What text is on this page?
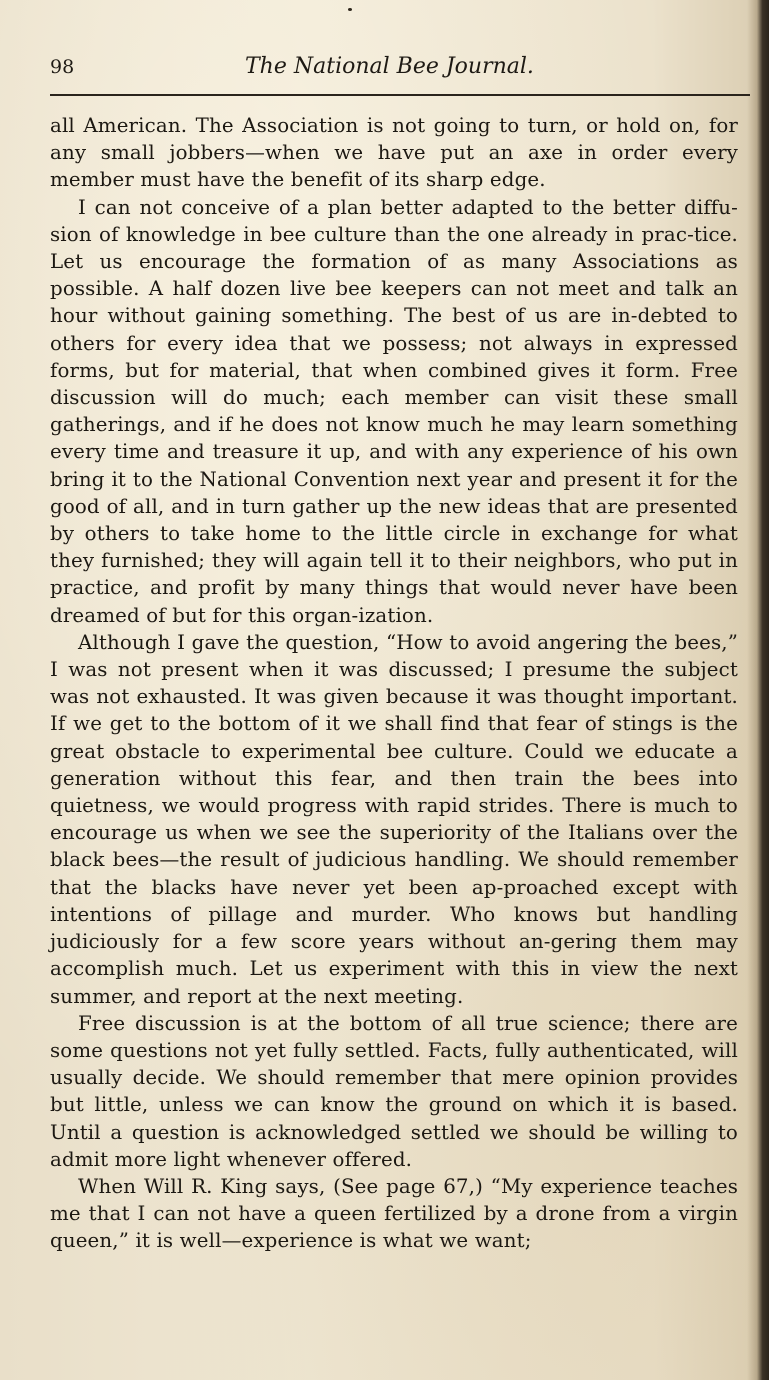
98	The National Bee Journal.

all American. The Association is not going to turn, or hold on, for any small jobbers—when we have put an axe in order every member must have the benefit of its sharp edge.

I can not conceive of a plan better adapted to the better diffu-sion of knowledge in bee culture than the one already in prac-tice. Let us encourage the formation of as many Associations as possible. A half dozen live bee keepers can not meet and talk an hour without gaining something. The best of us are in-debted to others for every idea that we possess; not always in expressed forms, but for material, that when combined gives it form. Free discussion will do much; each member can visit these small gatherings, and if he does not know much he may learn something every time and treasure it up, and with any experience of his own bring it to the National Convention next year and present it for the good of all, and in turn gather up the new ideas that are presented by others to take home to the little circle in exchange for what they furnished; they will again tell it to their neighbors, who put in practice, and profit by many things that would never have been dreamed of but for this organ-ization.

Although I gave the question, “How to avoid angering the bees,” I was not present when it was discussed; I presume the subject was not exhausted. It was given because it was thought important. If we get to the bottom of it we shall find that fear of stings is the great obstacle to experimental bee culture. Could we educate a generation without this fear, and then train the bees into quietness, we would progress with rapid strides. There is much to encourage us when we see the superiority of the Italians over the black bees—the result of judicious handling. We should remember that the blacks have never yet been ap-proached except with intentions of pillage and murder. Who knows but handling judiciously for a few score years without an-gering them may accomplish much. Let us experiment with this in view the next summer, and report at the next meeting.

Free discussion is at the bottom of all true science; there are some questions not yet fully settled. Facts, fully authenticated, will usually decide. We should remember that mere opinion provides but little, unless we can know the ground on which it is based. Until a question is acknowledged settled we should be willing to admit more light whenever offered.

When Will R. King says, (See page 67,) “My experience teaches me that I can not have a queen fertilized by a drone from a virgin queen,” it is well—experience is what we want;
